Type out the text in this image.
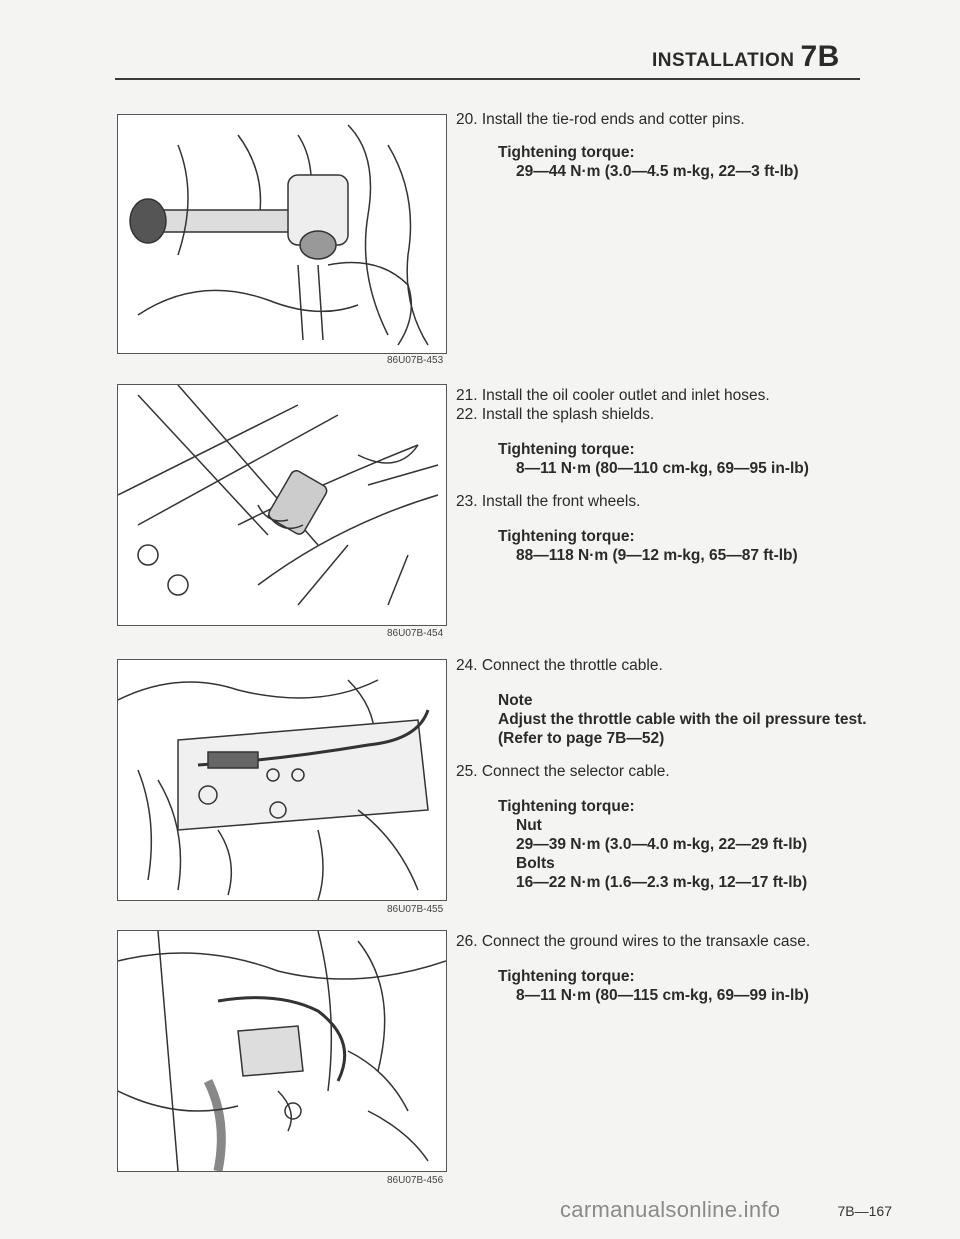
INSTALLATION 7B
86U07B-453
86U07B-454
86U07B-455
86U07B-456

20. Install the tie-rod ends and cotter pins.

Tightening torque:

29—44 N·m (3.0—4.5 m-kg, 22—3 ft-lb)

21. Install the oil cooler outlet and inlet hoses.

22. Install the splash shields.

Tightening torque:

8—11 N·m (80—110 cm-kg, 69—95 in-lb)

23. Install the front wheels.

Tightening torque:

88—118 N·m (9—12 m-kg, 65—87 ft-lb)

24. Connect the throttle cable.

Note

Adjust the throttle cable with the oil pressure test. (Refer to page 7B—52)

25. Connect the selector cable.

Tightening torque:

Nut

29—39 N·m (3.0—4.0 m-kg, 22—29 ft-lb)

Bolts

16—22 N·m (1.6—2.3 m-kg, 12—17 ft-lb)

26. Connect the ground wires to the transaxle case.

Tightening torque:

8—11 N·m (80—115 cm-kg, 69—99 in-lb)

carmanualsonline.info	7B—167
